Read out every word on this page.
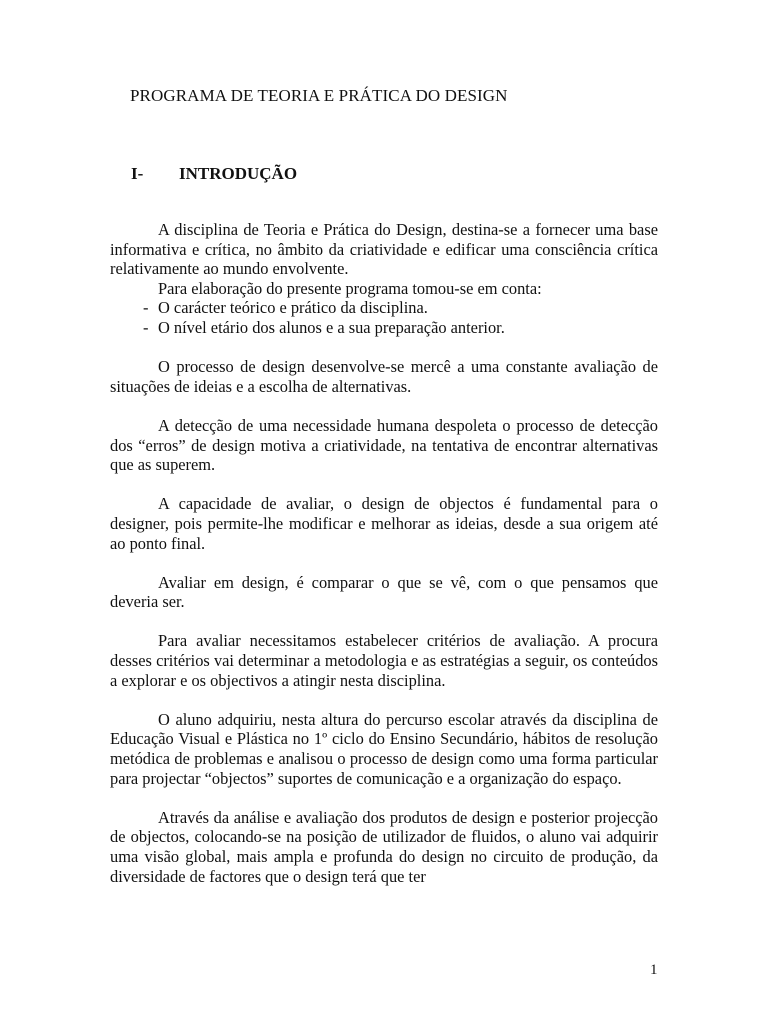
PROGRAMA DE TEORIA E PRÁTICA DO DESIGN
I- INTRODUÇÃO

A disciplina de Teoria e Prática do Design, destina-se a fornecer uma base informativa e crítica, no âmbito da criatividade e edificar uma consciência crítica relativamente ao mundo envolvente.

Para elaboração do presente programa tomou-se em conta:

- O carácter teórico e prático da disciplina.
- O nível etário dos alunos e a sua preparação anterior.

O processo de design desenvolve-se mercê a uma constante avaliação de situações de ideias e a escolha de alternativas.

A detecção de uma necessidade humana despoleta o processo de detecção dos “erros” de design motiva a criatividade, na tentativa de encontrar alternativas que as superem.

A capacidade de avaliar, o design de objectos é fundamental para o designer, pois permite-lhe modificar e melhorar as ideias, desde a sua origem até ao ponto final.

Avaliar em design, é comparar o que se vê, com o que pensamos que deveria ser.

Para avaliar necessitamos estabelecer critérios de avaliação. A procura desses critérios vai determinar a metodologia e as estratégias a seguir, os conteúdos a explorar e os objectivos a atingir nesta disciplina.

O aluno adquiriu, nesta altura do percurso escolar através da disciplina de Educação Visual e Plástica no 1º ciclo do Ensino Secundário, hábitos de resolução metódica de problemas e analisou o processo de design como uma forma particular para projectar “objectos” suportes de comunicação e a organização do espaço.

Através da análise e avaliação dos produtos de design e posterior projecção de objectos, colocando-se na posição de utilizador de fluidos, o aluno vai adquirir uma visão global, mais ampla e profunda do design no circuito de produção, da diversidade de factores que o design terá que ter

1
